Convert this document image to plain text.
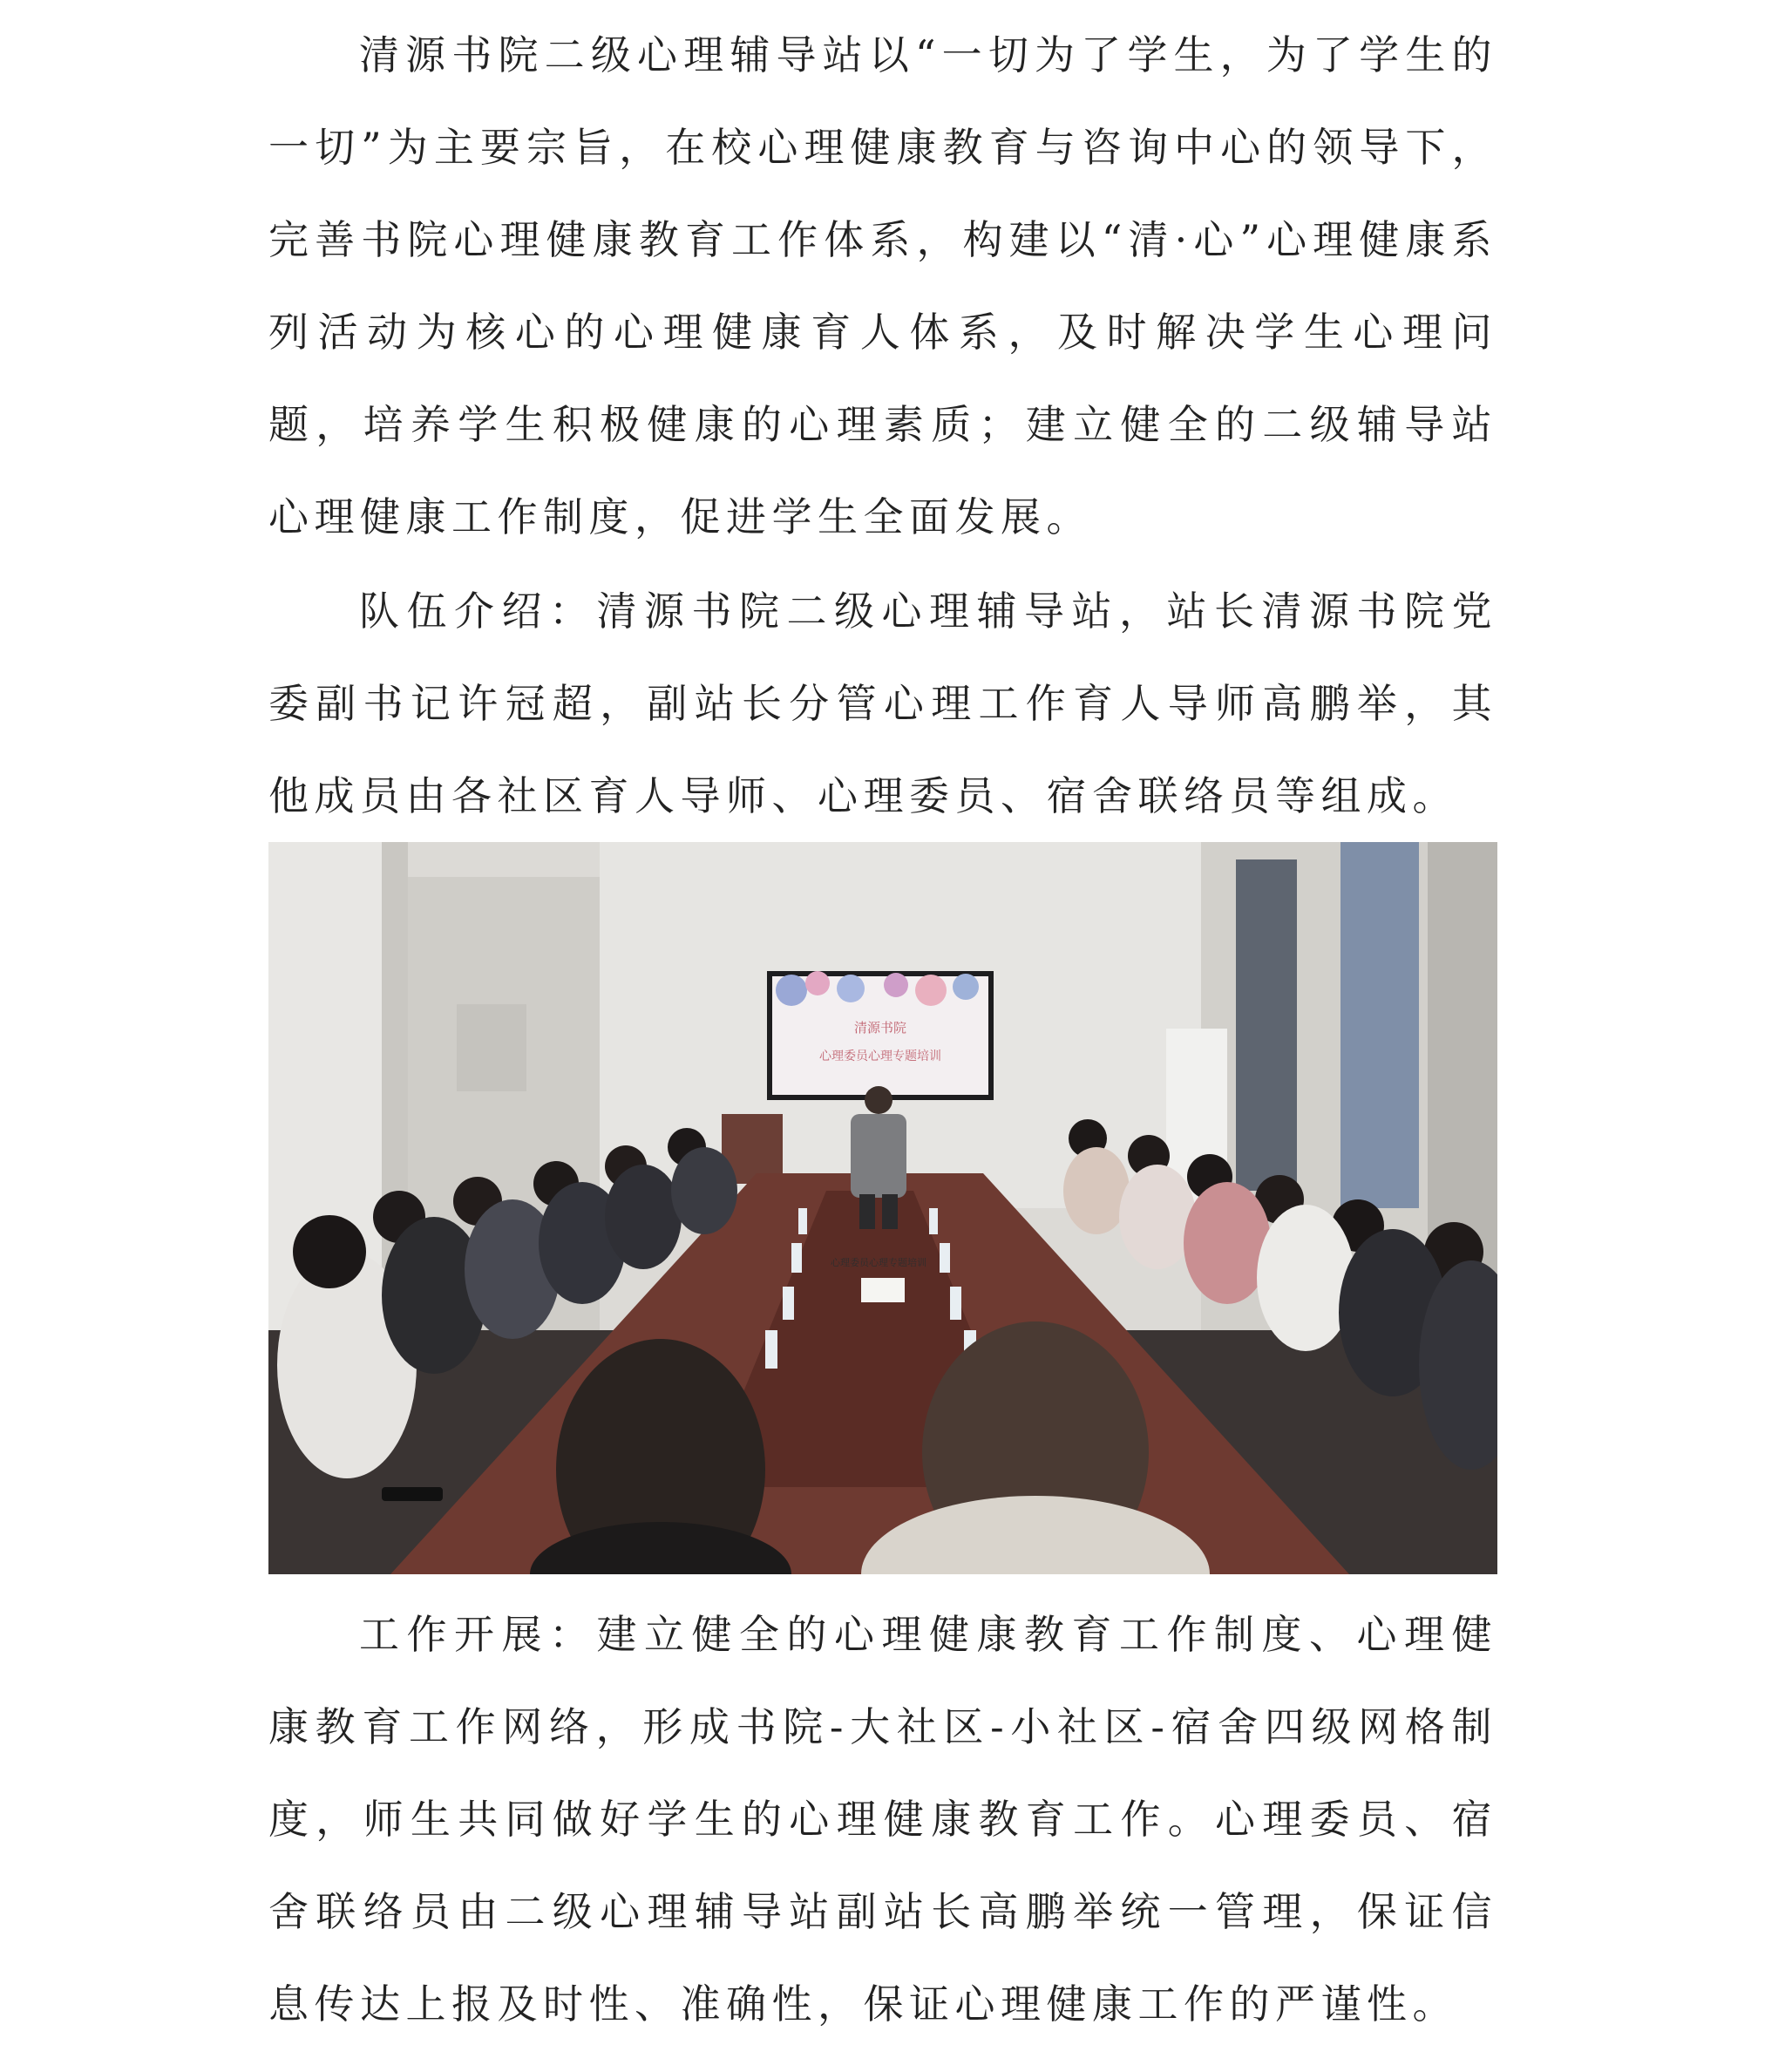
清源书院二级心理辅导站以“一切为了学生，为了学生的一切”为主要宗旨，在校心理健康教育与咨询中心的领导下，完善书院心理健康教育工作体系，构建以“清·心”心理健康系列活动为核心的心理健康育人体系，及时解决学生心理问题，培养学生积极健康的心理素质；建立健全的二级辅导站心理健康工作制度，促进学生全面发展。

队伍介绍：清源书院二级心理辅导站，站长清源书院党委副书记许冠超，副站长分管心理工作育人导师高鹏举，其他成员由各社区育人导师、心理委员、宿舍联络员等组成。

清源书院
心理委员心理专题培训
心理委员心理专题培训

工作开展：建立健全的心理健康教育工作制度、心理健康教育工作网络，形成书院-大社区-小社区-宿舍四级网格制度，师生共同做好学生的心理健康教育工作。心理委员、宿舍联络员由二级心理辅导站副站长高鹏举统一管理，保证信息传达上报及时性、准确性，保证心理健康工作的严谨性。
